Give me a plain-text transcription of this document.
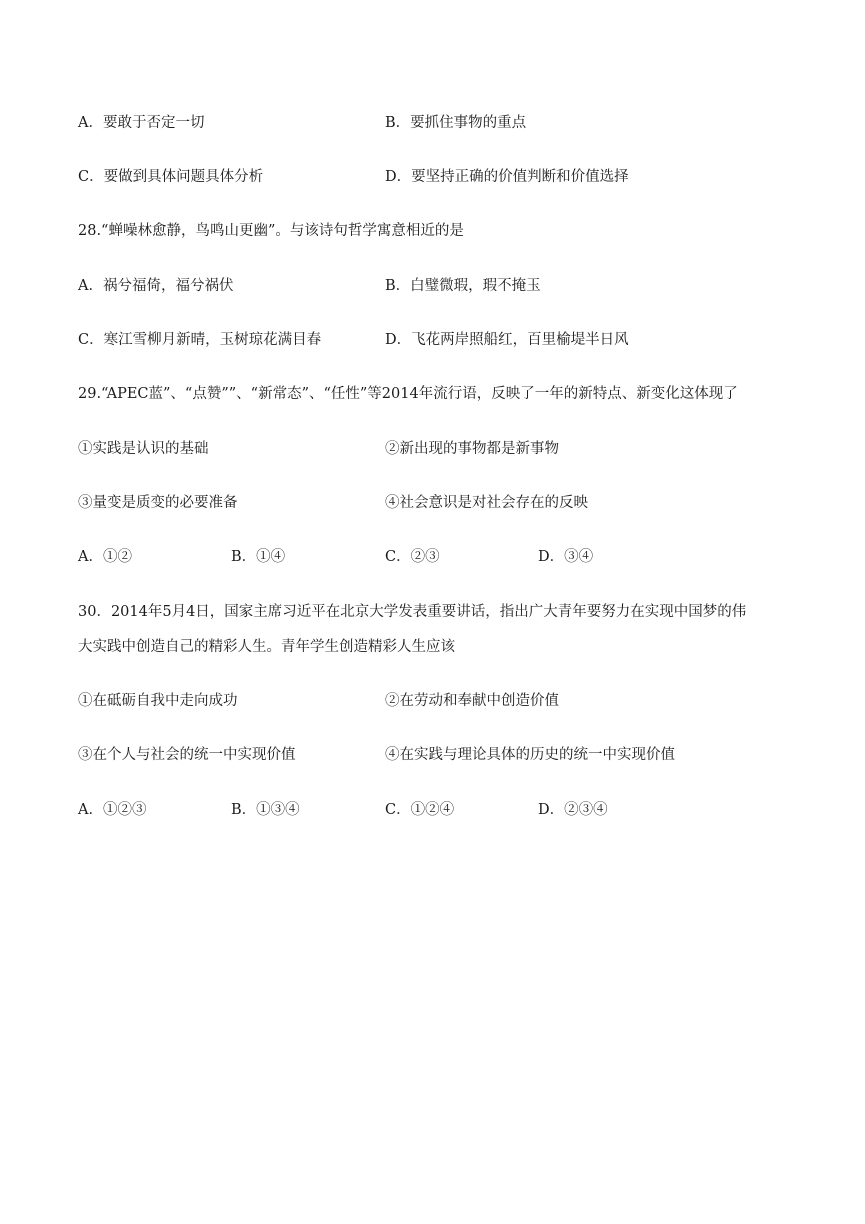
A．要敢于否定一切	B．要抓住事物的重点
C．要做到具体问题具体分析	D．要坚持正确的价值判断和价值选择
28.“蝉噪林愈静，鸟鸣山更幽”。与该诗句哲学寓意相近的是
A．祸兮福倚，福兮祸伏	B．白璧微瑕，瑕不掩玉
C．寒江雪柳月新晴，玉树琼花满目春	D．飞花两岸照船红，百里榆堤半日风
29.“APEC蓝”、“点赞””、“新常态”、“任性”等2014年流行语，反映了一年的新特点、新变化这体现了
①实践是认识的基础	②新出现的事物都是新事物
③量变是质变的必要准备	④社会意识是对社会存在的反映
A．①②	B．①④	C．②③	D．③④
30．2014年5月4日，国家主席习近平在北京大学发表重要讲话，指出广大青年要努力在实现中国梦的伟
大实践中创造自己的精彩人生。青年学生创造精彩人生应该
①在砥砺自我中走向成功	②在劳动和奉献中创造价值
③在个人与社会的统一中实现价值	④在实践与理论具体的历史的统一中实现价值
A．①②③	B．①③④	C．①②④	D．②③④
